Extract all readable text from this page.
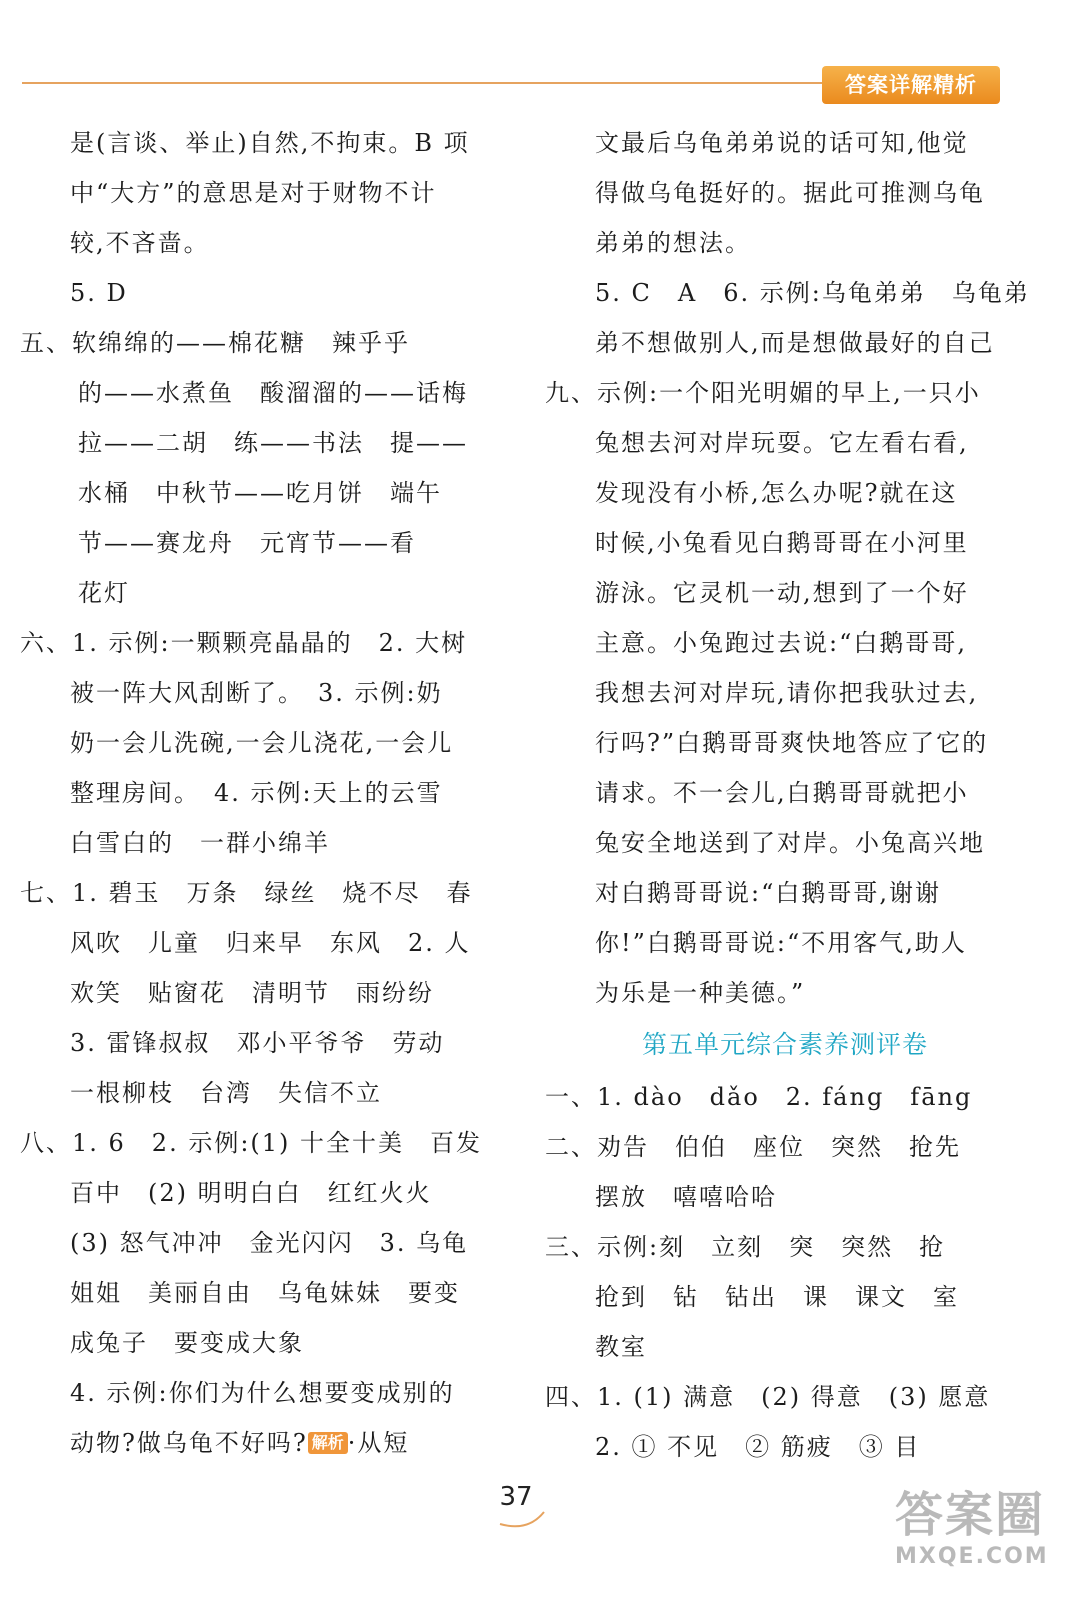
答案详解精析
是(言谈、举止)自然,不拘束。B 项
中“大方”的意思是对于财物不计
较,不吝啬。
5. D
五、软绵绵的——棉花糖　辣乎乎
的——水煮鱼　酸溜溜的——话梅
拉——二胡　练——书法　提——
水桶　中秋节——吃月饼　端午
节——赛龙舟　元宵节——看
花灯
六、1. 示例:一颗颗亮晶晶的　2. 大树
被一阵大风刮断了。　3. 示例:奶
奶一会儿洗碗,一会儿浇花,一会儿
整理房间。　4. 示例:天上的云雪
白雪白的　一群小绵羊
七、1. 碧玉　万条　绿丝　烧不尽　春
风吹　儿童　归来早　东风　2. 人
欢笑　贴窗花　清明节　雨纷纷
3. 雷锋叔叔　邓小平爷爷　劳动
一根柳枝　台湾　失信不立
八、1. 6　2. 示例:(1) 十全十美　百发
百中　(2) 明明白白　红红火火
(3) 怒气冲冲　金光闪闪　3. 乌龟
姐姐　美丽自由　乌龟妹妹　要变
成兔子　要变成大象
4. 示例:你们为什么想要变成别的
动物?做乌龟不好吗? 解析 ·从短
文最后乌龟弟弟说的话可知,他觉
得做乌龟挺好的。据此可推测乌龟
弟弟的想法。
5. C　A　6. 示例:乌龟弟弟　乌龟弟
弟不想做别人,而是想做最好的自己
九、示例:一个阳光明媚的早上,一只小
兔想去河对岸玩耍。它左看右看,
发现没有小桥,怎么办呢?就在这
时候,小兔看见白鹅哥哥在小河里
游泳。它灵机一动,想到了一个好
主意。小兔跑过去说:“白鹅哥哥,
我想去河对岸玩,请你把我驮过去,
行吗?”白鹅哥哥爽快地答应了它的
请求。不一会儿,白鹅哥哥就把小
兔安全地送到了对岸。小兔高兴地
对白鹅哥哥说:“白鹅哥哥,谢谢
你!”白鹅哥哥说:“不用客气,助人
为乐是一种美德。”
第五单元综合素养测评卷
一、1. dào　dǎo　2. fáng　fāng
二、劝告　伯伯　座位　突然　抢先
摆放　嘻嘻哈哈
三、示例:刻　立刻　突　突然　抢
抢到　钻　钻出　课　课文　室
教室
四、1. (1) 满意　(2) 得意　(3) 愿意
2. ① 不见　② 筋疲　③ 目
37	答案圈
MXQE.COM
